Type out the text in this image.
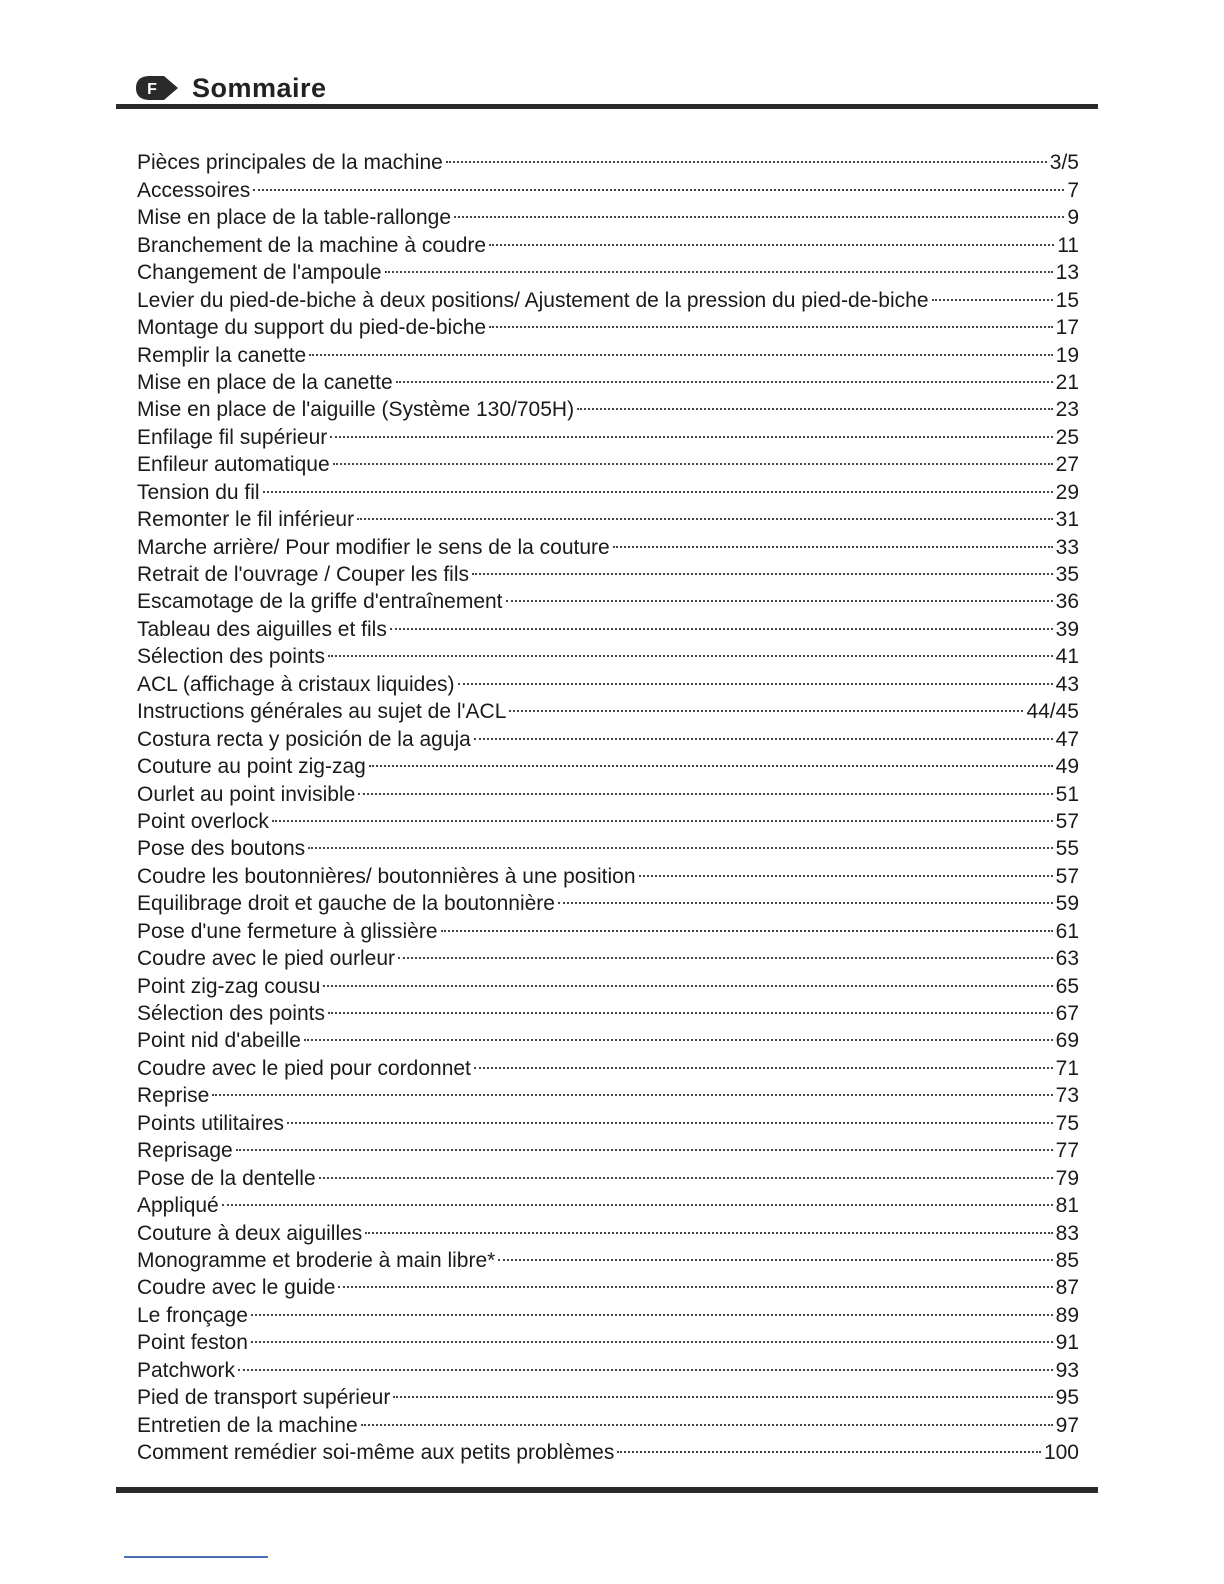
F Sommaire
Pièces principales de la machine	3/5
Accessoires	7
Mise en place de la table-rallonge	9
Branchement de la machine à coudre	11
Changement de l'ampoule	13
Levier du pied-de-biche à deux positions/ Ajustement de la pression du pied-de-biche	15
Montage du support du pied-de-biche	17
Remplir la canette	19
Mise en place de la canette	21
Mise en place de l'aiguille (Système 130/705H)	23
Enfilage fil supérieur	25
Enfileur automatique	27
Tension du fil	29
Remonter le fil inférieur	31
Marche arrière/ Pour modifier le sens de la couture	33
Retrait de l'ouvrage / Couper les fils	35
Escamotage de la griffe d'entraînement	36
Tableau des aiguilles et fils	39
Sélection des points	41
ACL (affichage à cristaux liquides)	43
Instructions générales au sujet de l'ACL	44/45
Costura recta y posición de la aguja	47
Couture au point zig-zag	49
Ourlet au point invisible	51
Point overlock	57
Pose des boutons	55
Coudre les boutonnières/ boutonnières à une position	57
Equilibrage droit et gauche de la boutonnière	59
Pose d'une fermeture à glissière	61
Coudre avec le pied ourleur	63
Point zig-zag cousu	65
Sélection des points	67
Point nid d'abeille	69
Coudre avec le pied pour cordonnet	71
Reprise	73
Points utilitaires	75
Reprisage	77
Pose de la dentelle	79
Appliqué	81
Couture à deux aiguilles	83
Monogramme et broderie à main libre*	85
Coudre avec le guide	87
Le fronçage	89
Point feston	91
Patchwork	93
Pied de transport supérieur	95
Entretien de la machine	97
Comment remédier soi-même aux petits problèmes	100
